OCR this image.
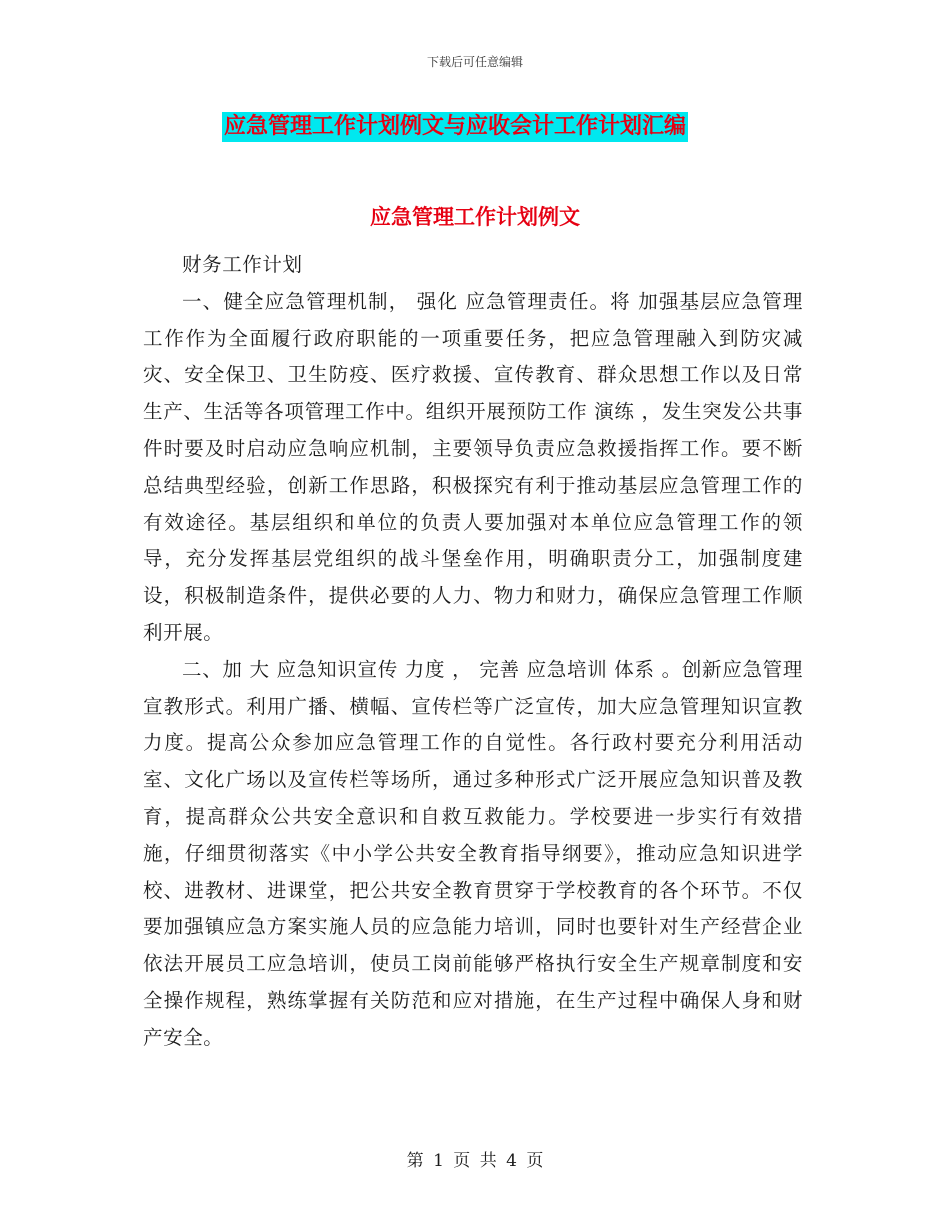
下载后可任意编辑
应急管理工作计划例文与应收会计工作计划汇编
应急管理工作计划例文

财务工作计划

一、健全应急管理机制， 强化 应急管理责任。将 加强基层应急管理工作作为全面履行政府职能的一项重要任务，把应急管理融入到防灾减灾、安全保卫、卫生防疫、医疗救援、宣传教育、群众思想工作以及日常生产、生活等各项管理工作中。组织开展预防工作 演练 ，发生突发公共事件时要及时启动应急响应机制，主要领导负责应急救援指挥工作。要不断总结典型经验，创新工作思路，积极探究有利于推动基层应急管理工作的有效途径。基层组织和单位的负责人要加强对本单位应急管理工作的领导，充分发挥基层党组织的战斗堡垒作用，明确职责分工，加强制度建设，积极制造条件，提供必要的人力、物力和财力，确保应急管理工作顺利开展。

二、加 大 应急知识宣传 力度 ， 完善 应急培训 体系 。创新应急管理宣教形式。利用广播、横幅、宣传栏等广泛宣传，加大应急管理知识宣教力度。提高公众参加应急管理工作的自觉性。各行政村要充分利用活动室、文化广场以及宣传栏等场所，通过多种形式广泛开展应急知识普及教育，提高群众公共安全意识和自救互救能力。学校要进一步实行有效措施，仔细贯彻落实《中小学公共安全教育指导纲要》，推动应急知识进学校、进教材、进课堂，把公共安全教育贯穿于学校教育的各个环节。不仅要加强镇应急方案实施人员的应急能力培训，同时也要针对生产经营企业依法开展员工应急培训，使员工岗前能够严格执行安全生产规章制度和安全操作规程，熟练掌握有关防范和应对措施，在生产过程中确保人身和财产安全。

第 1 页 共 4 页
